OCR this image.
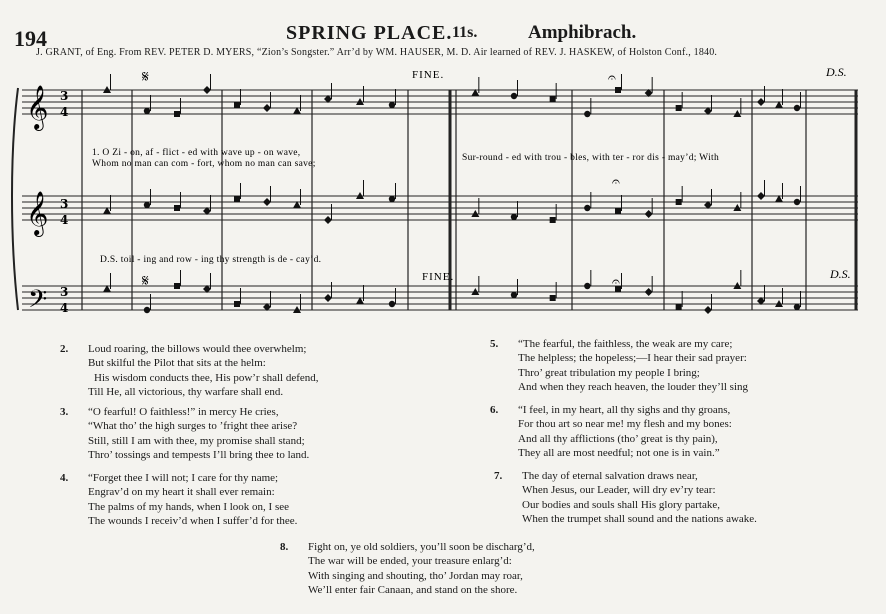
194	SPRING PLACE. 11s.	Amphibrach.
J. GRANT, of Eng. From REV. PETER D. MYERS, “Zion’s Songster.” Arr’d by WM. HAUSER, M. D. Air learned of REV. J. HASKEW, of Holston Conf., 1840.
𝄞
𝄞
𝄢
3
4
3
4
3
4
𝄋
𝄋
𝄐
𝄐
𝄐
FINE.
FINE.
D.S.
D.S.
1. O Zi - on, af - flict - ed with wave up - on wave,
Whom no man can com - fort, whom no man can save;
Sur-round - ed with trou - bles, with ter - ror dis - may’d; With
D.S. toil - ing and row - ing thy strength is de - cay’d.
2. Loud roaring, the billows would thee overwhelm;
But skilful the Pilot that sits at the helm:
His wisdom conducts thee, His pow’r shall defend,
Till He, all victorious, thy warfare shall end.
3. “O fearful! O faithless!” in mercy He cries,
“What tho’ the high surges to ’fright thee arise?
Still, still I am with thee, my promise shall stand;
Thro’ tossings and tempests I’ll bring thee to land.
4. “Forget thee I will not; I care for thy name;
Engrav’d on my heart it shall ever remain:
The palms of my hands, when I look on, I see
The wounds I receiv’d when I suffer’d for thee.
5. “The fearful, the faithless, the weak are my care;
The helpless; the hopeless;—I hear their sad prayer:
Thro’ great tribulation my people I bring;
And when they reach heaven, the louder they’ll sing
6. “I feel, in my heart, all thy sighs and thy groans,
For thou art so near me! my flesh and my bones:
And all thy afflictions (tho’ great is thy pain),
They all are most needful; not one is in vain.”
7. The day of eternal salvation draws near,
When Jesus, our Leader, will dry ev’ry tear:
Our bodies and souls shall His glory partake,
When the trumpet shall sound and the nations awake.
8. Fight on, ye old soldiers, you’ll soon be discharg’d,
The war will be ended, your treasure enlarg’d:
With singing and shouting, tho’ Jordan may roar,
We’ll enter fair Canaan, and stand on the shore.
